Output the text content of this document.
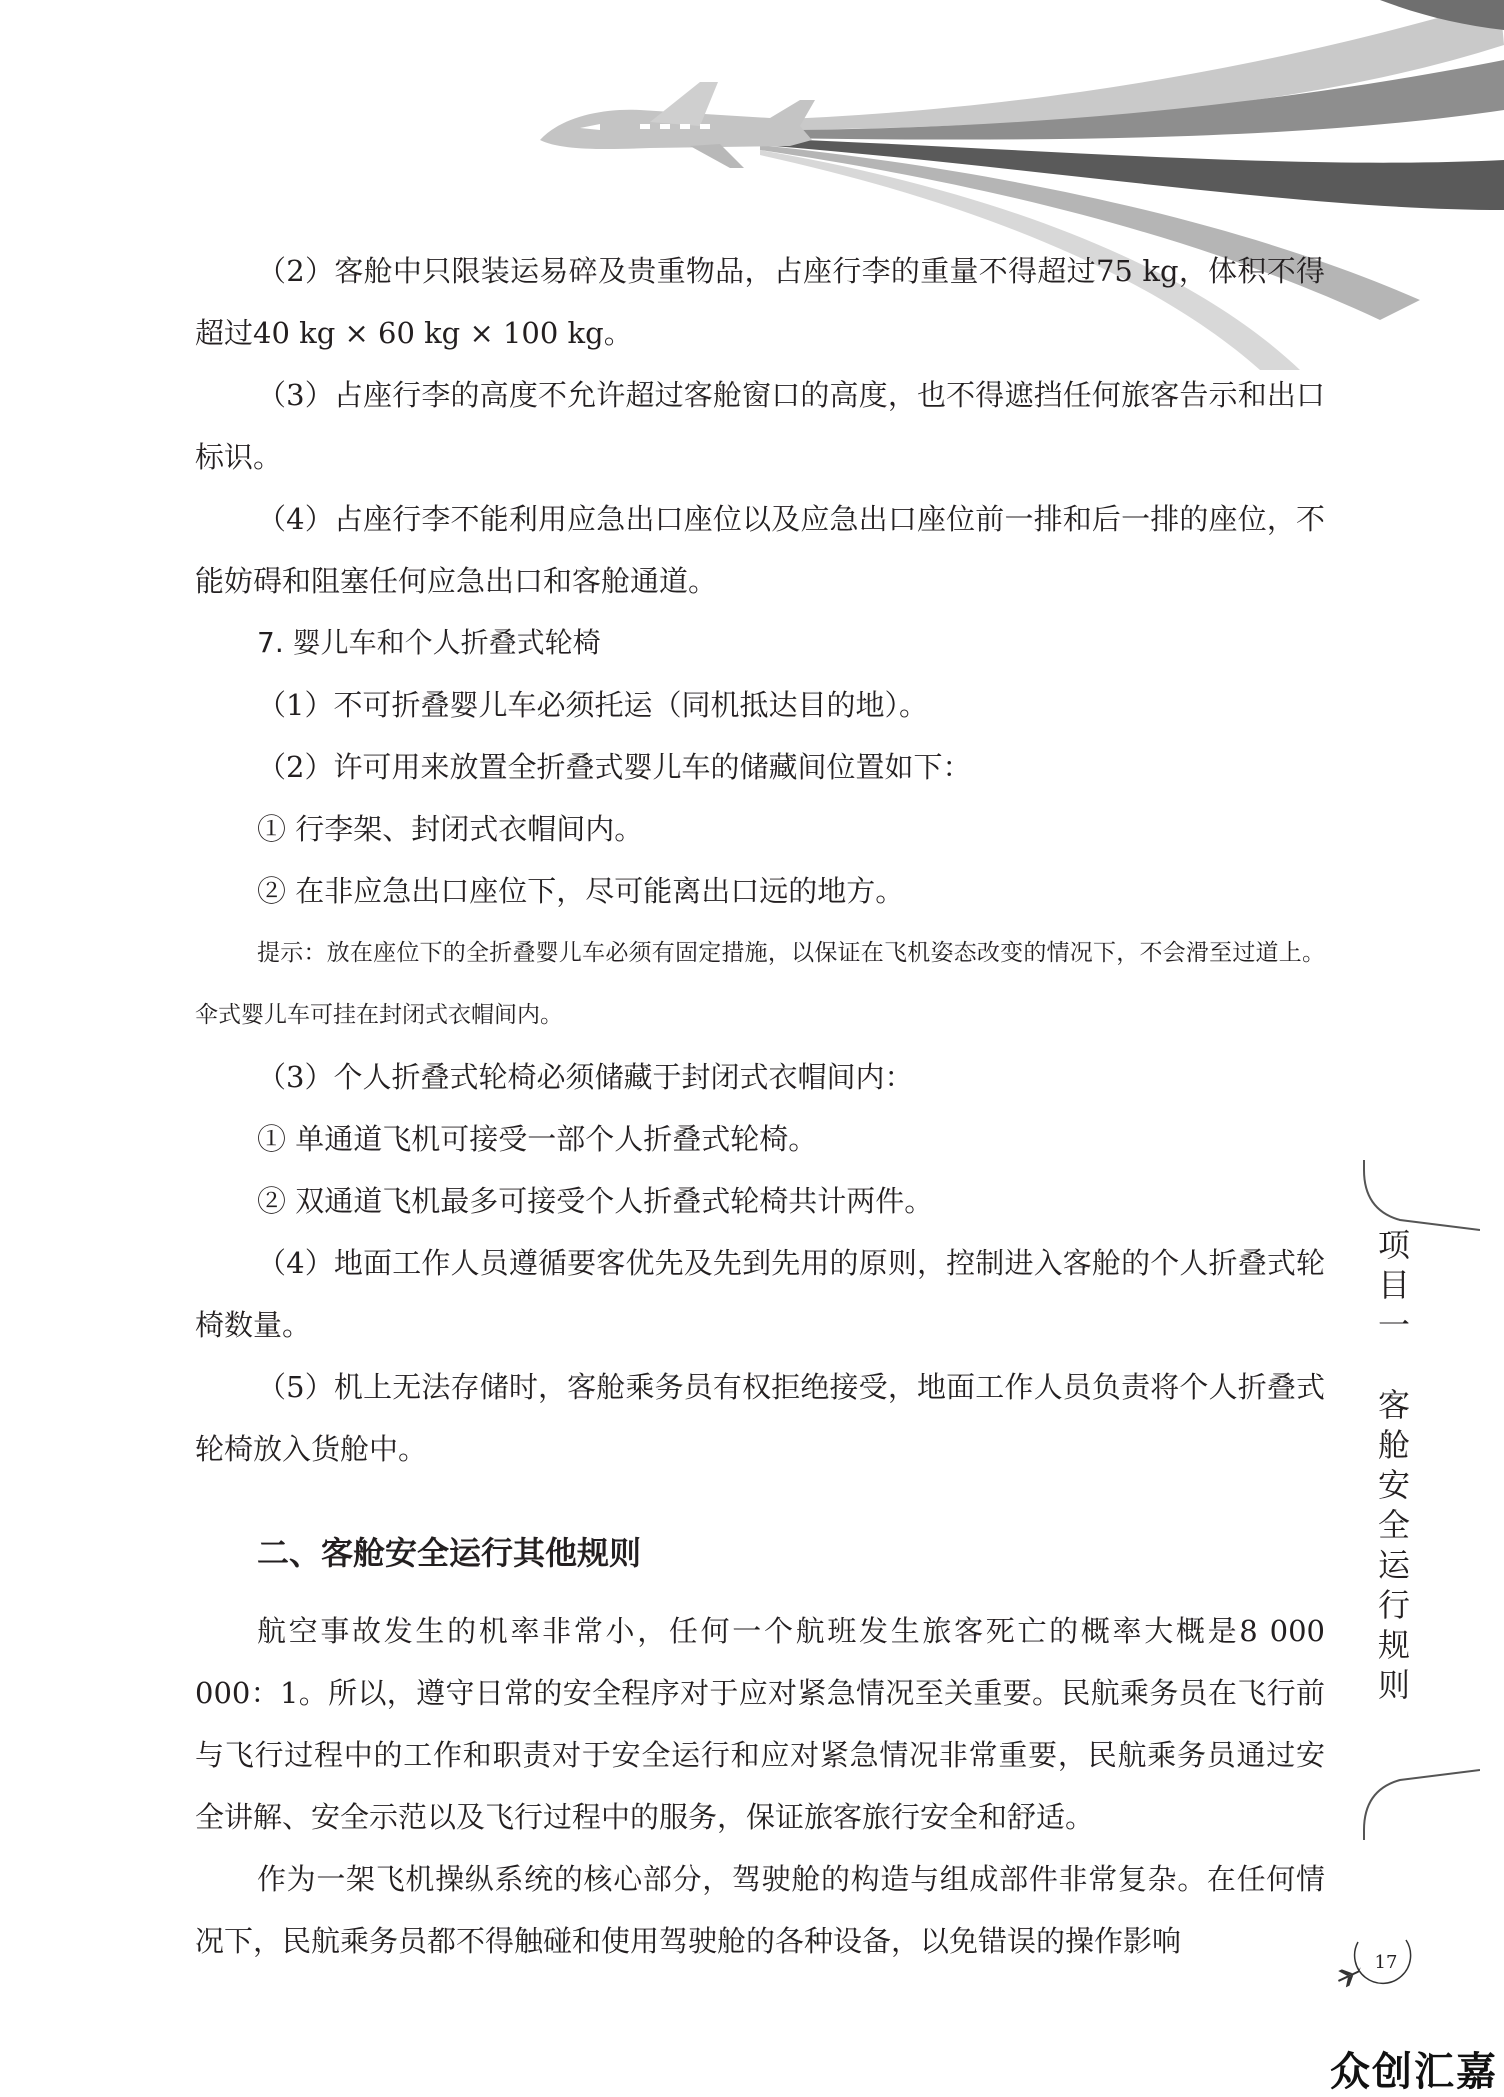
（2）客舱中只限装运易碎及贵重物品，占座行李的重量不得超过75 kg，体积不得超过40 kg × 60 kg × 100 kg。

（3）占座行李的高度不允许超过客舱窗口的高度，也不得遮挡任何旅客告示和出口标识。

（4）占座行李不能利用应急出口座位以及应急出口座位前一排和后一排的座位，不能妨碍和阻塞任何应急出口和客舱通道。

7. 婴儿车和个人折叠式轮椅

（1）不可折叠婴儿车必须托运（同机抵达目的地）。

（2）许可用来放置全折叠式婴儿车的储藏间位置如下：

① 行李架、封闭式衣帽间内。

② 在非应急出口座位下，尽可能离出口远的地方。

提示：放在座位下的全折叠婴儿车必须有固定措施，以保证在飞机姿态改变的情况下，不会滑至过道上。伞式婴儿车可挂在封闭式衣帽间内。

（3）个人折叠式轮椅必须储藏于封闭式衣帽间内：

① 单通道飞机可接受一部个人折叠式轮椅。

② 双通道飞机最多可接受个人折叠式轮椅共计两件。

（4）地面工作人员遵循要客优先及先到先用的原则，控制进入客舱的个人折叠式轮椅数量。

（5）机上无法存储时，客舱乘务员有权拒绝接受，地面工作人员负责将个人折叠式轮椅放入货舱中。

二、客舱安全运行其他规则

航空事故发生的机率非常小，任何一个航班发生旅客死亡的概率大概是8 000 000：1。所以，遵守日常的安全程序对于应对紧急情况至关重要。民航乘务员在飞行前与飞行过程中的工作和职责对于安全运行和应对紧急情况非常重要，民航乘务员通过安全讲解、安全示范以及飞行过程中的服务，保证旅客旅行安全和舒适。

作为一架飞机操纵系统的核心部分，驾驶舱的构造与组成部件非常复杂。在任何情况下，民航乘务员都不得触碰和使用驾驶舱的各种设备，以免错误的操作影响

项
目
一
客
舱
安
全
运
行
规
则
17
众创汇嘉
